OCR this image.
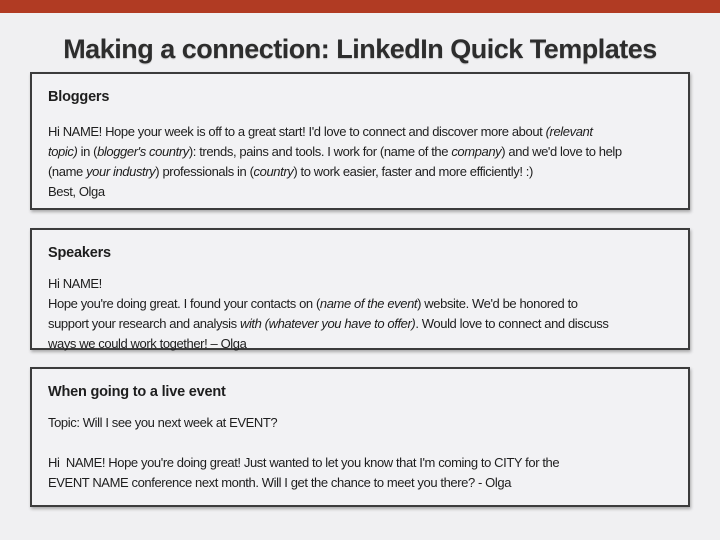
Making a connection: LinkedIn Quick Templates
Bloggers

Hi NAME! Hope your week is off to a great start! I'd love to connect and discover more about (relevant
topic) in (blogger's country): trends, pains and tools. I work for (name of the company) and we'd love to help
(name your industry) professionals in (country) to work easier, faster and more efficiently! :)
Best, Olga

Speakers

Hi NAME!
Hope you're doing great. I found your contacts on (name of the event) website. We'd be honored to
support your research and analysis with (whatever you have to offer). Would love to connect and discuss
ways we could work together! – Olga

When going to a live event

Topic: Will I see you next week at EVENT?

Hi  NAME! Hope you're doing great! Just wanted to let you know that I'm coming to CITY for the
EVENT NAME conference next month. Will I get the chance to meet you there? - Olga
